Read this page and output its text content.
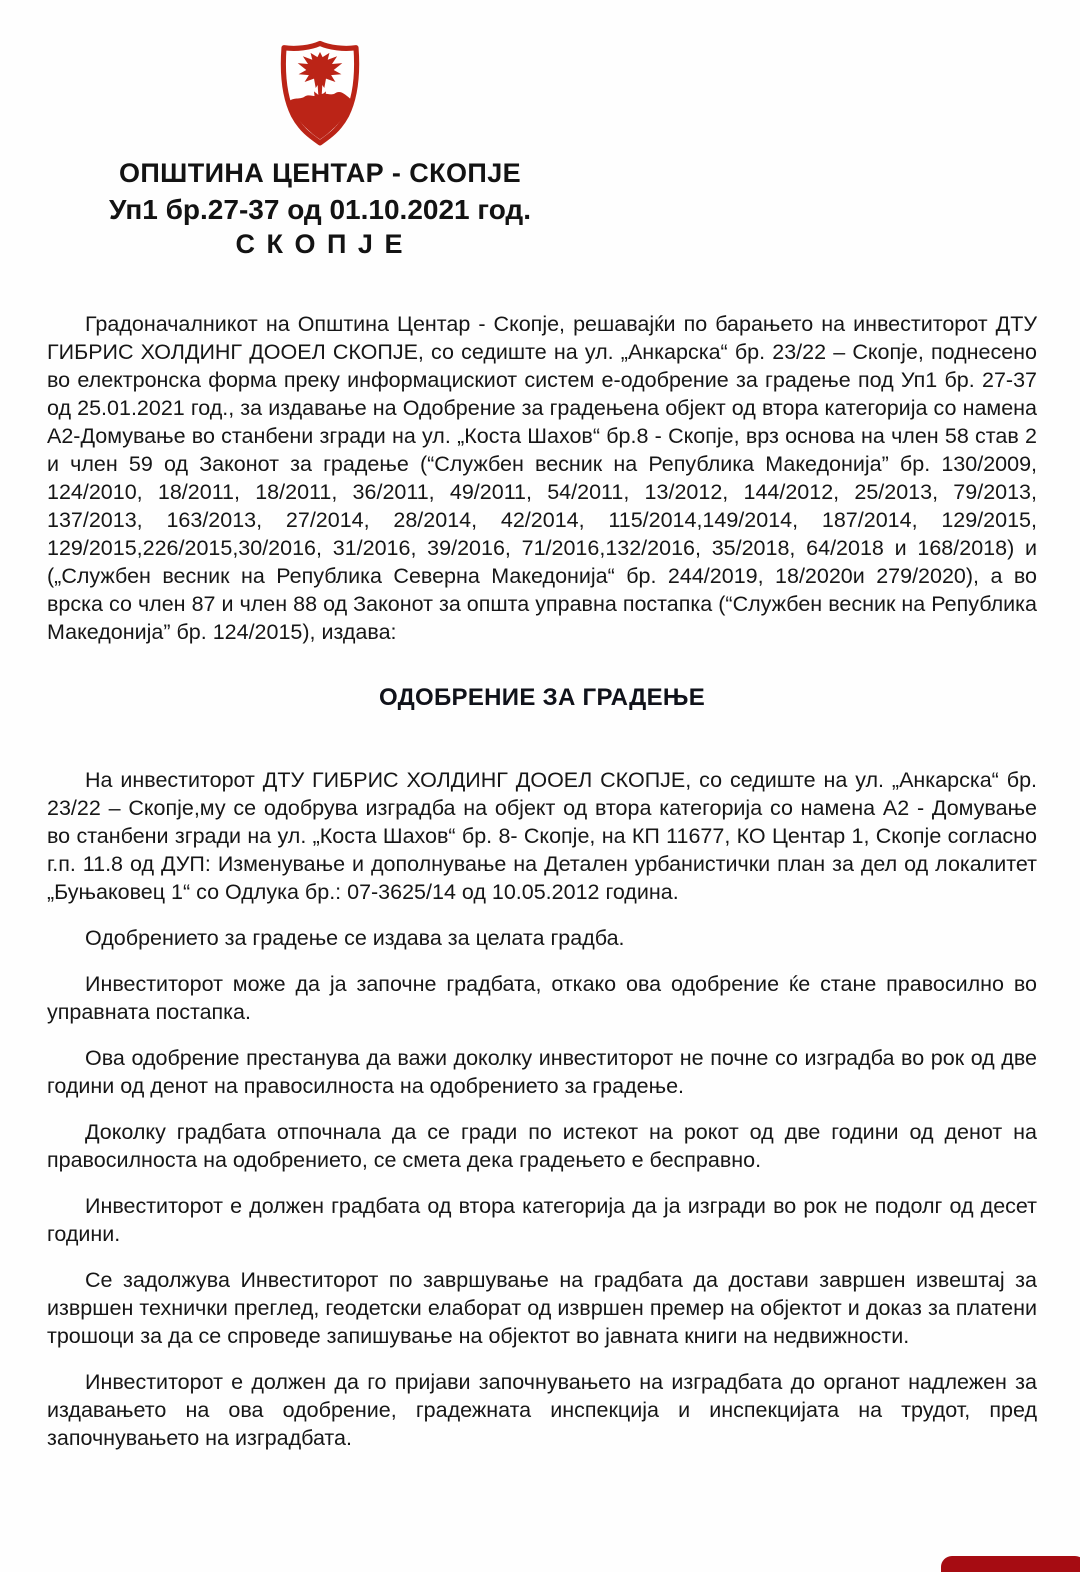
ОПШТИНА ЦЕНТАР - СКОПЈЕ
Уп1 бр.27-37 од 01.10.2021 год.
С К О П Ј Е

Градоначалникот на Општина Центар - Скопје, решавајќи по барањето на инвеститорот ДТУ ГИБРИС ХОЛДИНГ ДООЕЛ СКОПЈЕ, со седиште на ул. „Анкарска“ бр. 23/22 – Скопје, поднесено во електронска форма преку информацискиот систем е-одобрение за градење под Уп1 бр. 27-37 од 25.01.2021 год., за издавање на Одобрение за градењена објект од втора категорија со намена А2-Домување во станбени згради на ул. „Коста Шахов“ бр.8 - Скопје, врз основа на член 58 став 2 и член 59 од Законот за градење (“Службен весник на Република Македонија” бр. 130/2009, 124/2010, 18/2011, 18/2011, 36/2011, 49/2011, 54/2011, 13/2012, 144/2012, 25/2013, 79/2013, 137/2013, 163/2013, 27/2014, 28/2014, 42/2014, 115/2014,149/2014, 187/2014, 129/2015, 129/2015,226/2015,30/2016, 31/2016, 39/2016, 71/2016,132/2016, 35/2018, 64/2018 и 168/2018) и („Службен весник на Република Северна Македонија“ бр. 244/2019, 18/2020и 279/2020), а во врска со член 87 и член 88 од Законот за општа управна постапка (“Службен весник на Република Македонија” бр. 124/2015), издава:

ОДОБРЕНИЕ ЗА ГРАДЕЊЕ

На инвеститорот ДТУ ГИБРИС ХОЛДИНГ ДООЕЛ СКОПЈЕ, со седиште на ул. „Анкарска“ бр. 23/22 – Скопје,му се одобрува изградба на објект од втора категорија со намена А2 - Домување во станбени згради на ул. „Коста Шахов“ бр. 8- Скопје, на КП 11677, КО Центар 1, Скопје согласно г.п. 11.8 од ДУП: Изменување и дополнување на Детален урбанистички план за дел од локалитет „Буњаковец 1“ со Одлука бр.: 07-3625/14 од 10.05.2012 година.

Одобрението за градење се издава за целата градба.

Инвеститорот може да ја започне градбата, откако ова одобрение ќе стане правосилно во управната постапка.

Ова одобрение престанува да важи доколку инвеститорот не почне со изградба во рок од две години од денот на правосилноста на одобрението за градење.

Доколку градбата отпочнала да се гради по истекот на рокот од две години од денот на правосилноста на одобрението, се смета дека градењето е бесправно.

Инвеститорот е должен градбата од втора категорија да ја изгради во рок не подолг од десет години.

Се задолжува Инвеститорот по завршување на градбата да достави завршен извештај за извршен технички преглед, геодетски елаборат од извршен премер на објектот и доказ за платени трошоци за да се спроведе запишување на објектот во јавната книги на недвижности.

Инвеститорот е должен да го пријави започнувањето на изградбата до органот надлежен за издавањето на ова одобрение, градежната инспекција и инспекцијата на трудот, пред започнувањето на изградбата.
